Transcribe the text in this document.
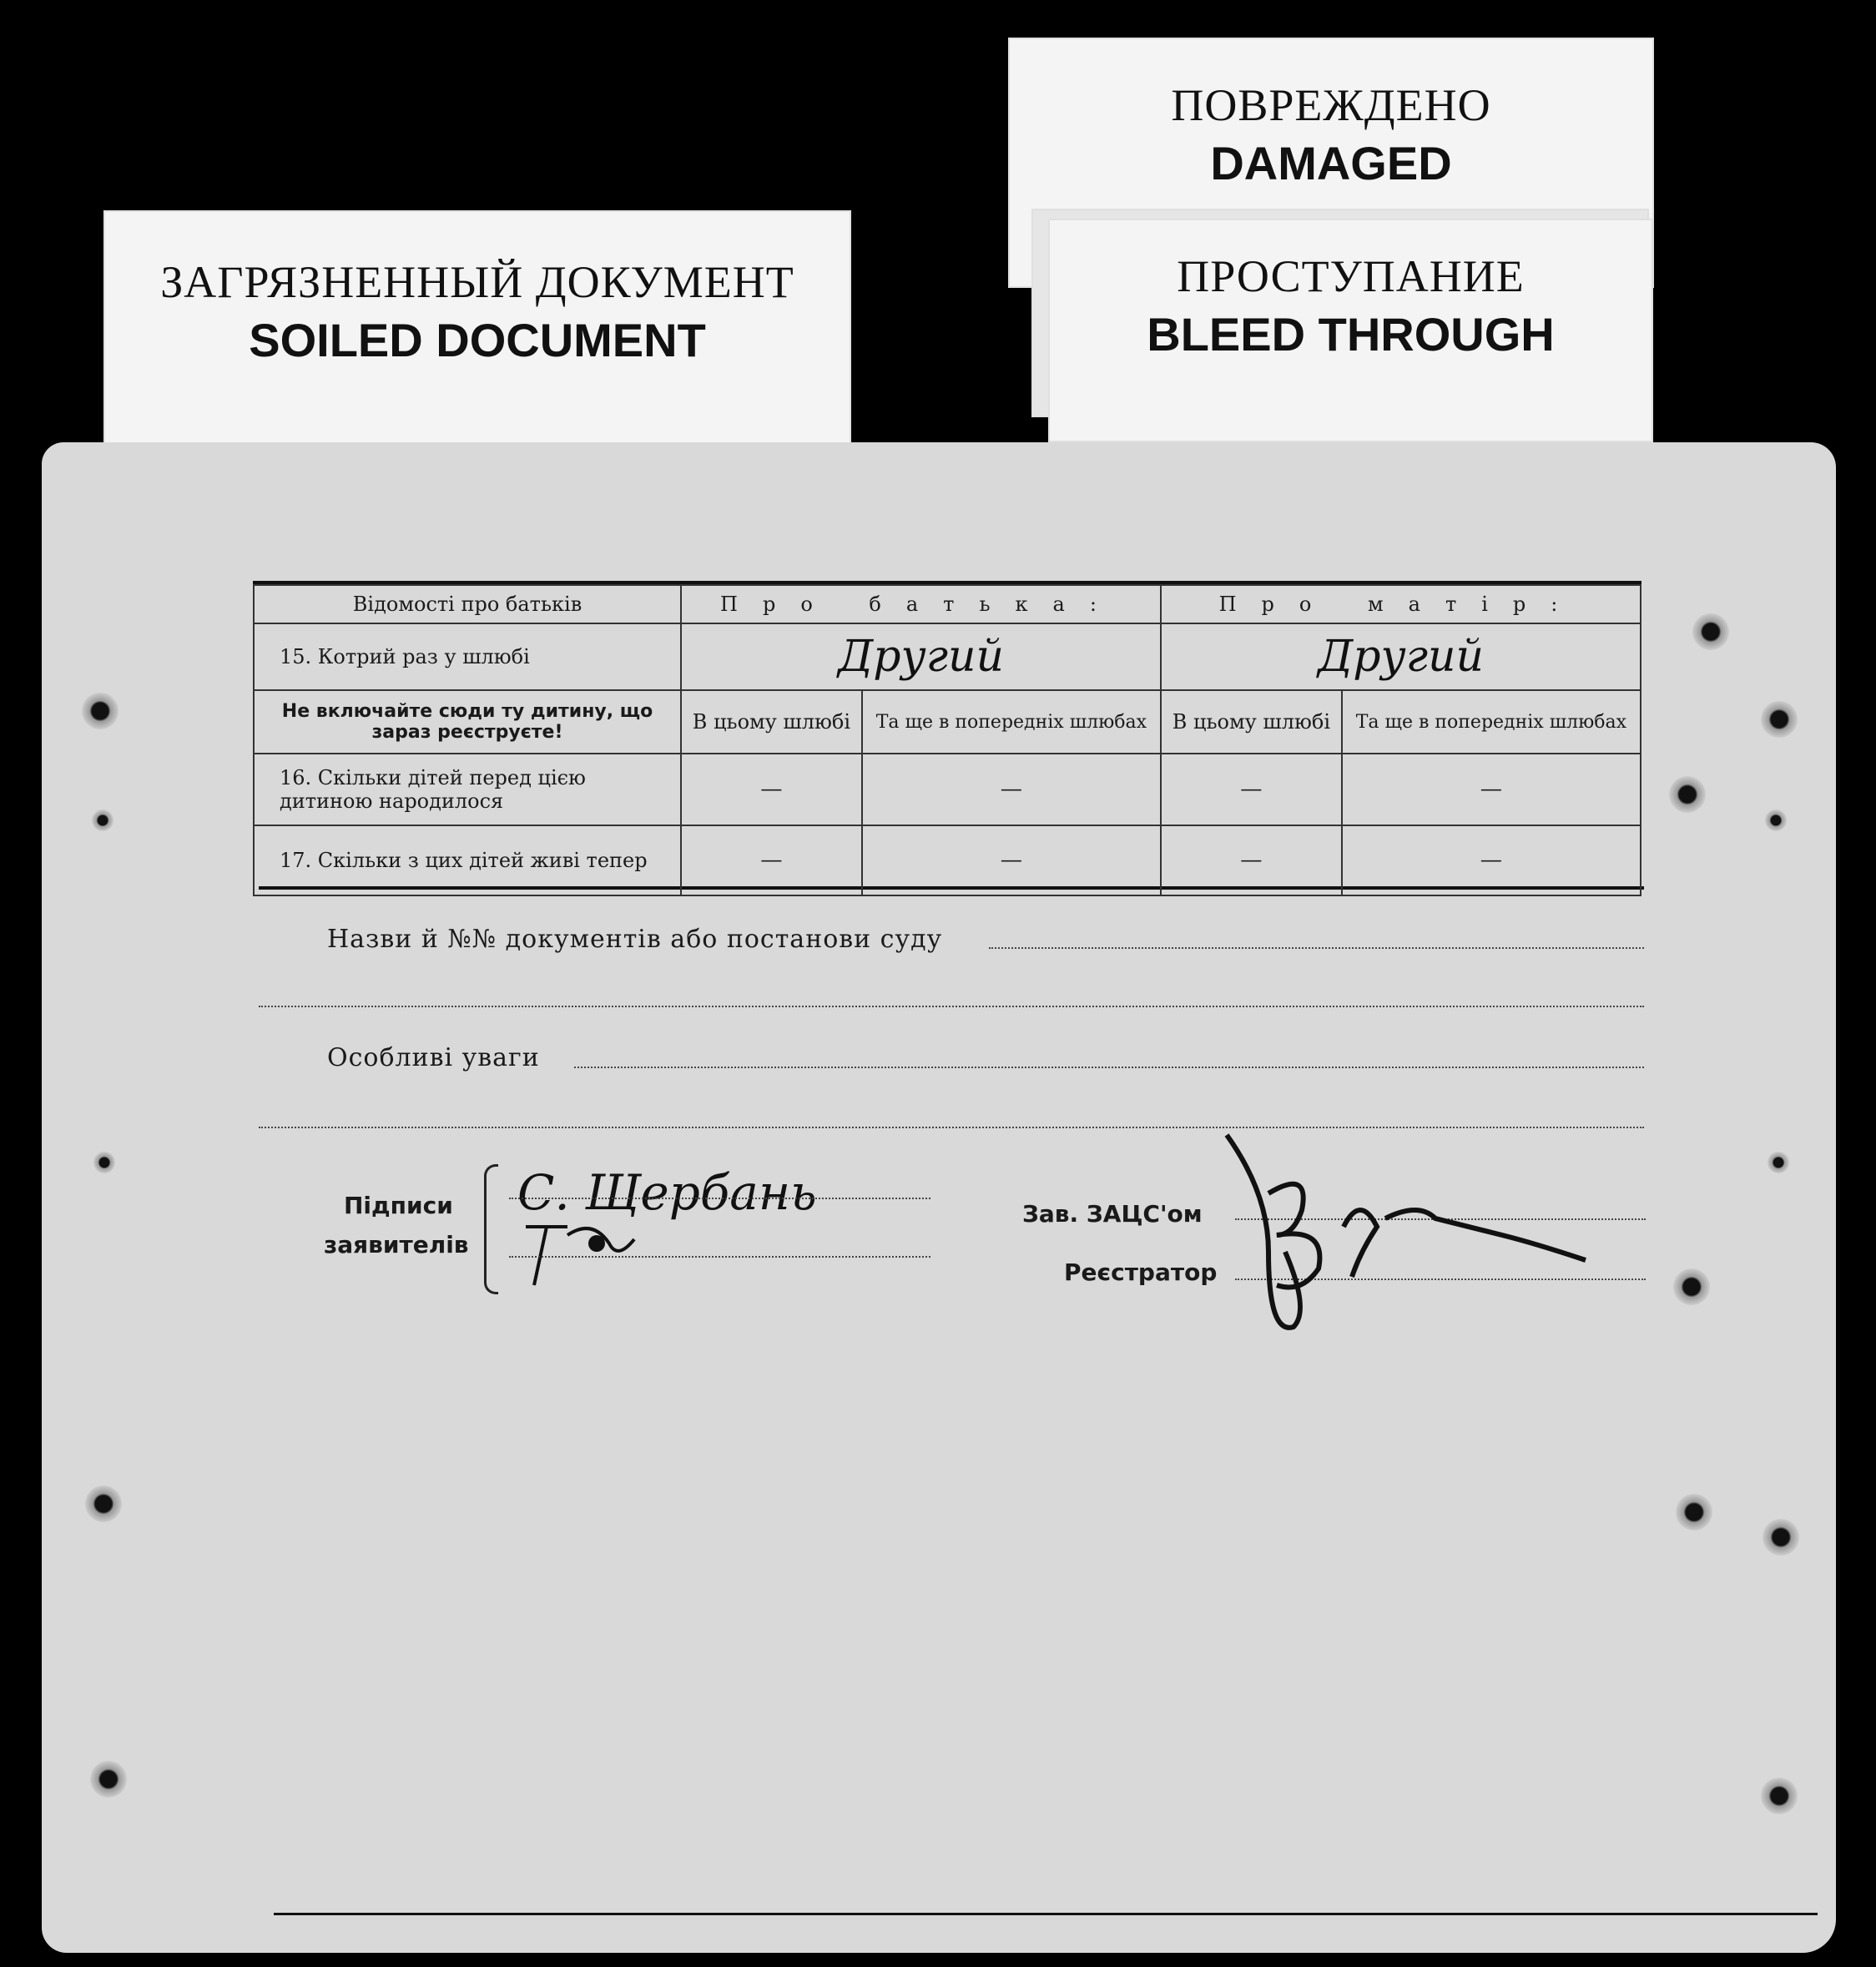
ЗАГРЯЗНЕННЫЙ ДОКУМЕНТ
SOILED DOCUMENT
ПОВРЕЖДЕНО
DAMAGED
ПРОСТУПАНИЕ
BLEED THROUGH
Відомості про батьків	Про батька:		Про матір:	
15. Котрий раз у шлюбі	Другий		Другий	
Не включайте сюди ту дитину, що зараз реєструєте!	В цьому шлюбі	Та ще в попередніх шлюбах	В цьому шлюбі	Та ще в попередніх шлюбах
16. Скільки дітей перед цією дитиною народилося	—	—	—	—
17. Скільки з цих дітей живі тепер	—	—	—	—
Назви й №№ документів або постанови суду
Особливі уваги
Підписи
заявителів
С. Щербань	Зав. ЗАЦС'ом
Реєстратор
